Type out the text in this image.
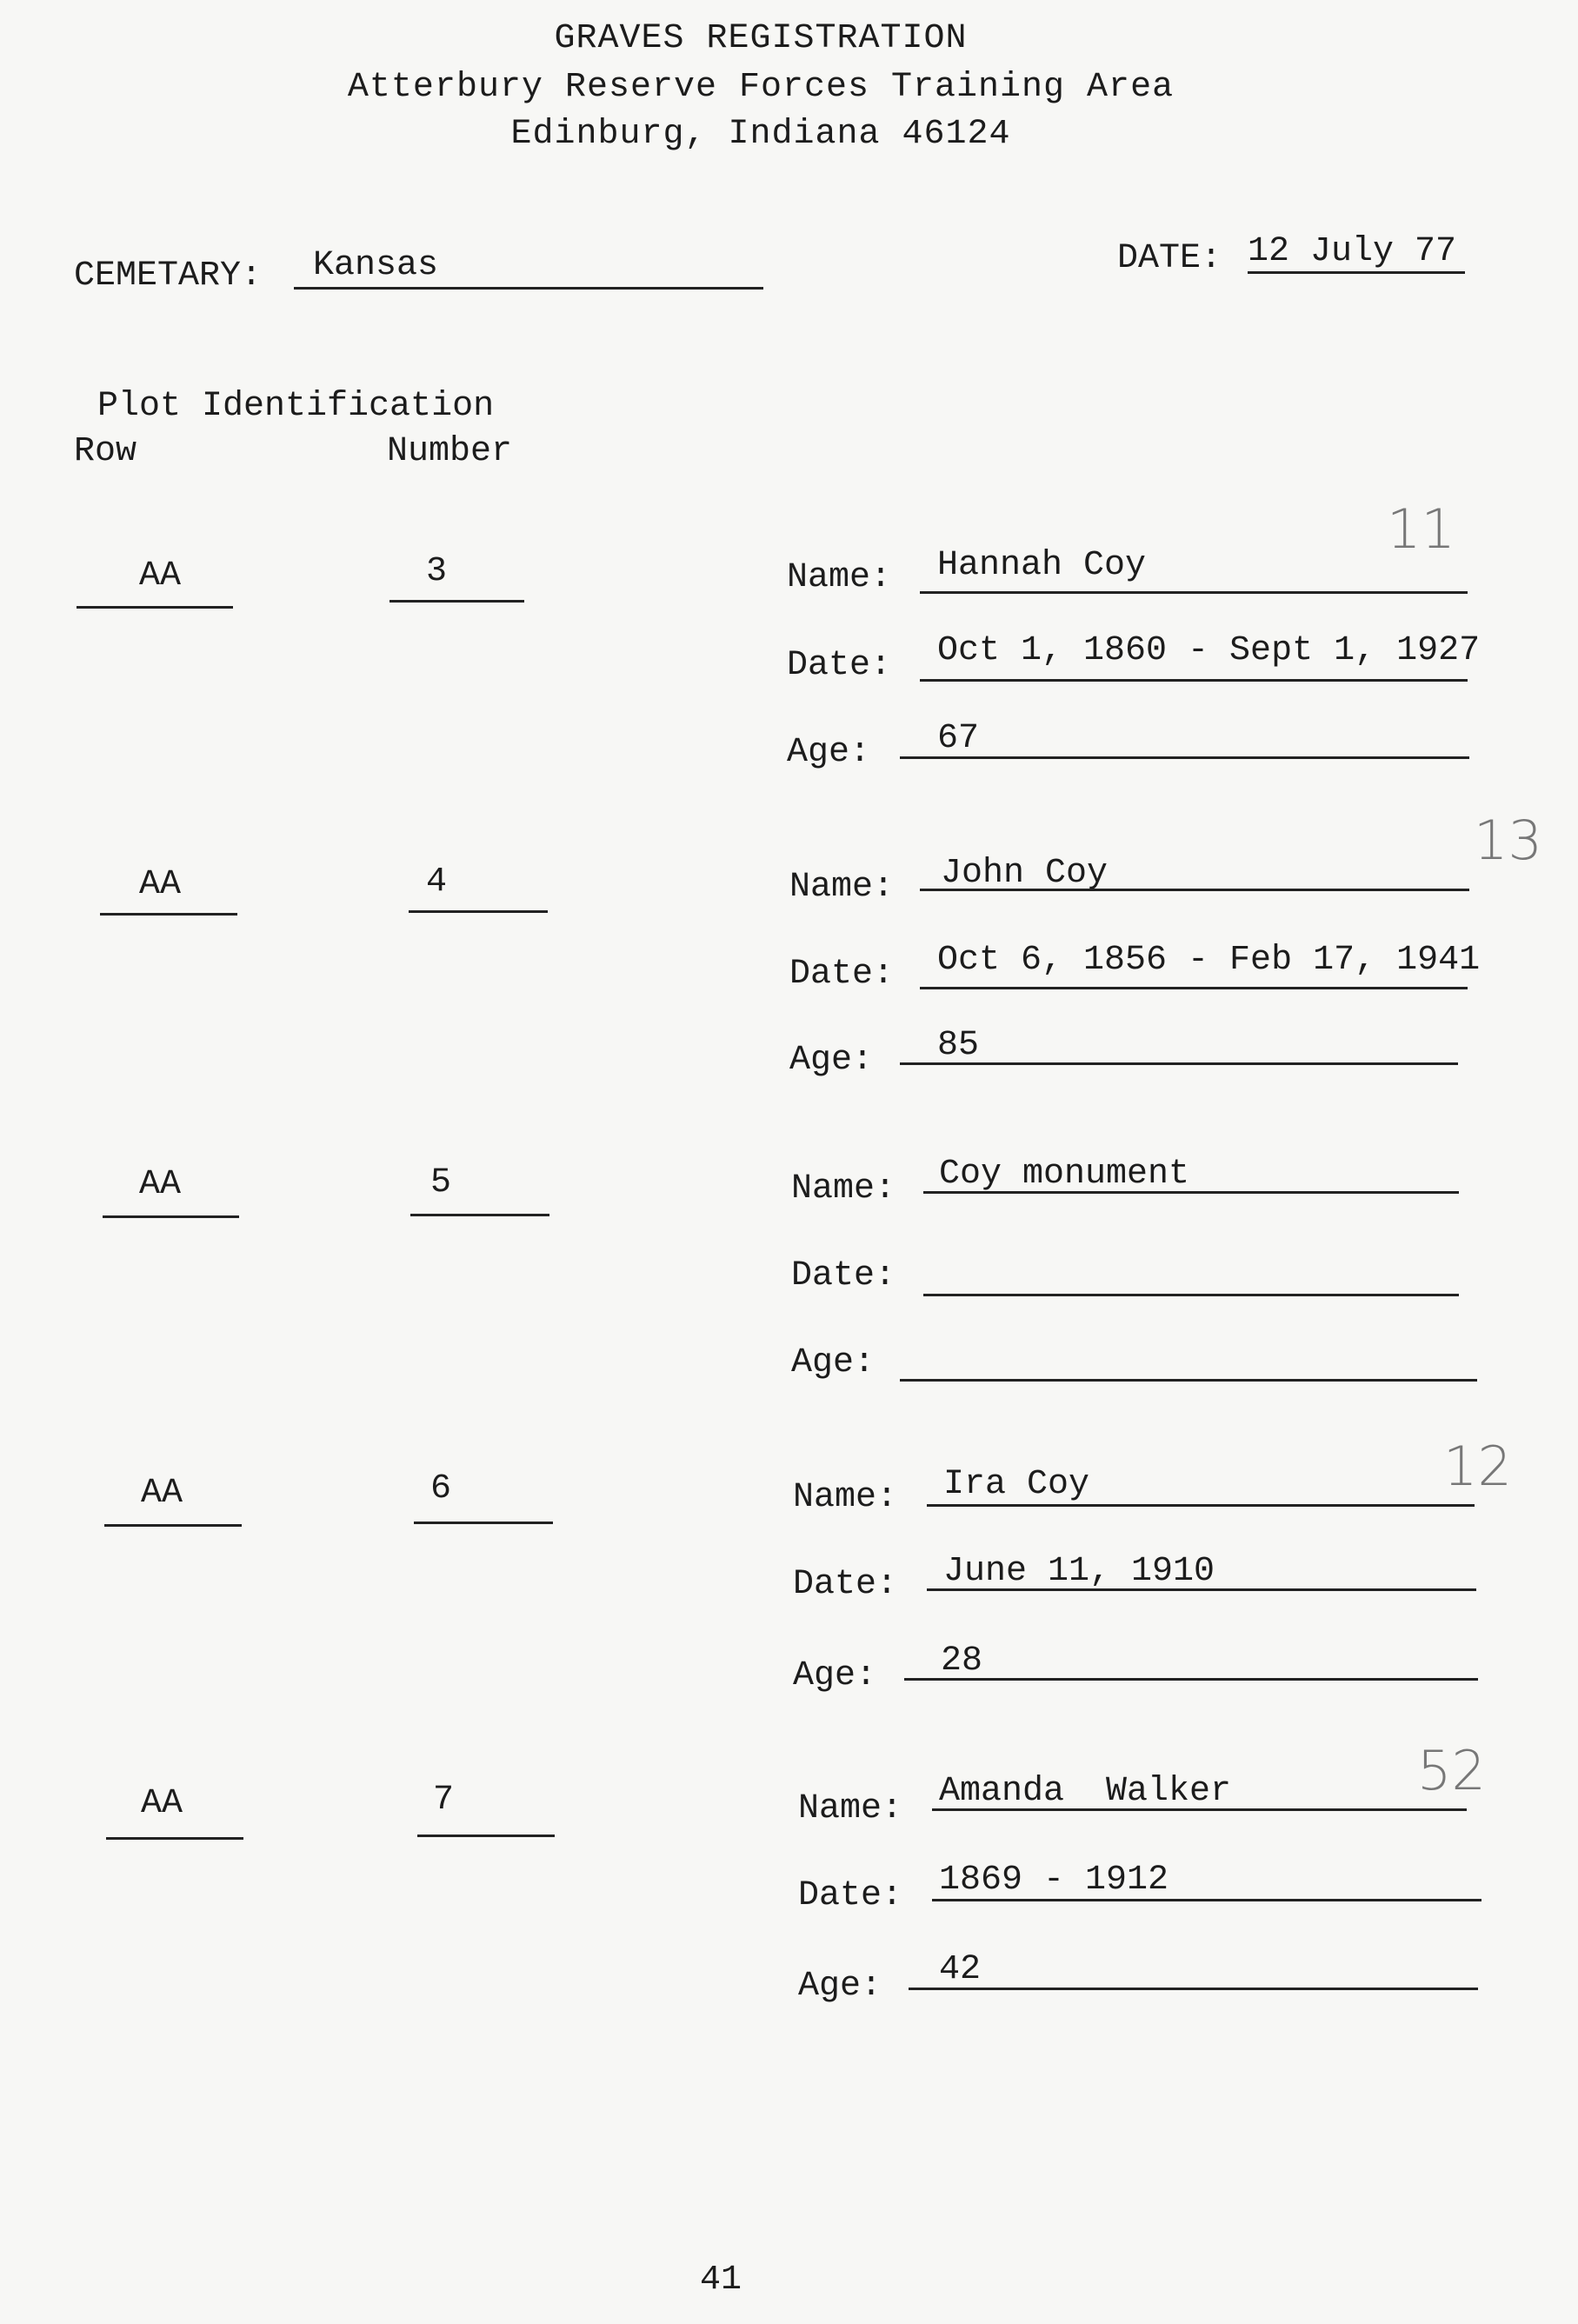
GRAVES REGISTRATION
Atterbury Reserve Forces Training Area
Edinburg, Indiana 46124
CEMETARY: Kansas	DATE: 12 July 77
Plot Identification
Row	Number
AA	3	Name: Hannah Coy
11
Date: Oct 1, 1860 - Sept 1, 1927
Age: 67
AA	4	Name: John Coy
13
Date: Oct 6, 1856 - Feb 17, 1941
Age: 85
AA	5	Name: Coy monument
Date:
Age:
AA	6	Name: Ira Coy	12
Date: June 11, 1910
Age: 28
AA	7	Name: Amanda  Walker	52
Date: 1869 - 1912
Age: 42
41
